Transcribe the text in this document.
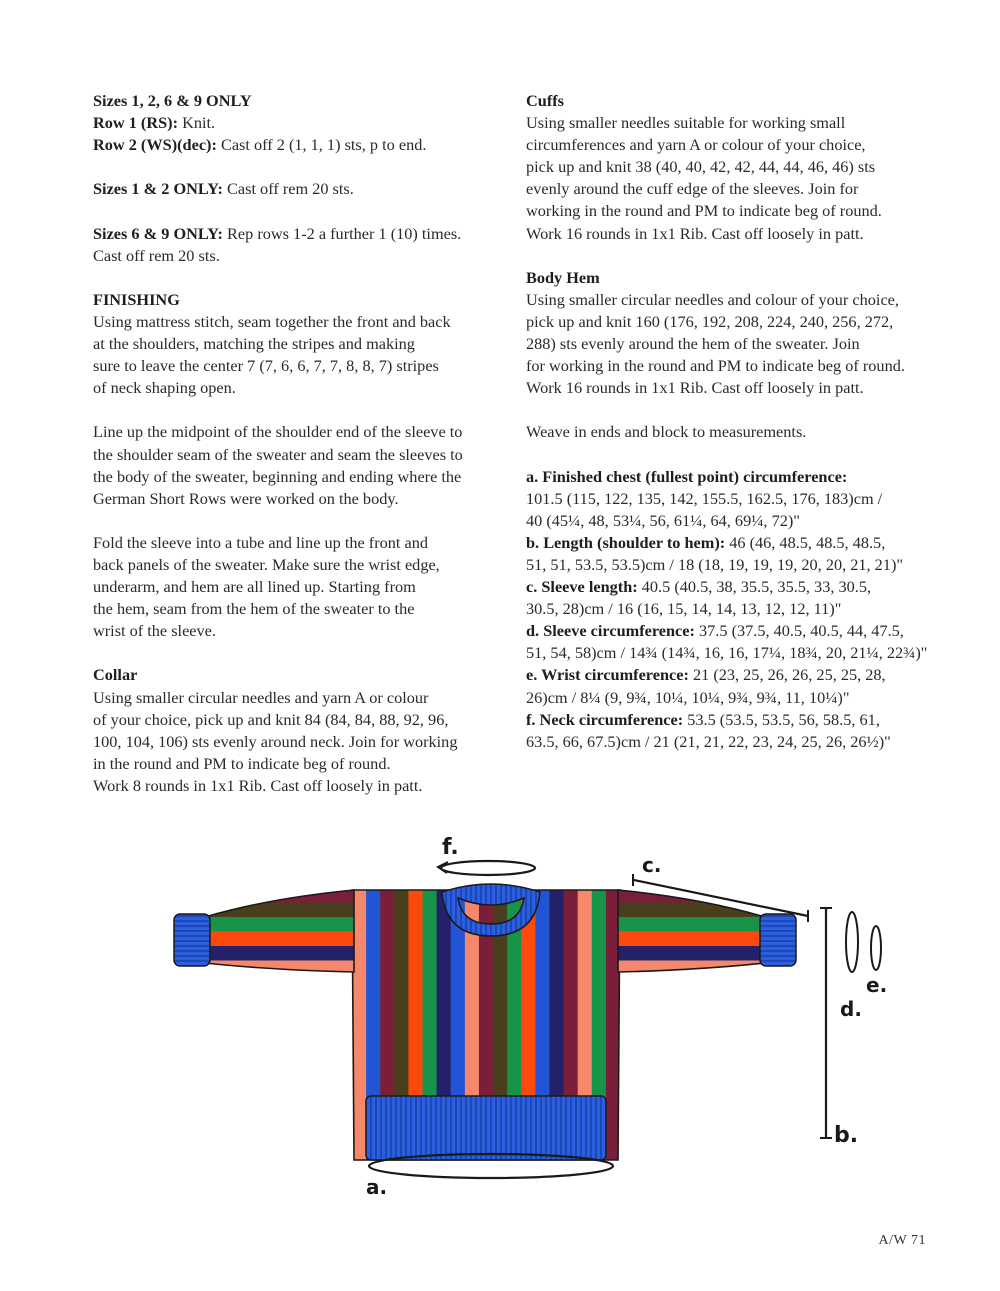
Sizes 1, 2, 6 & 9 ONLY
Row 1 (RS): Knit.
Row 2 (WS)(dec): Cast off 2 (1, 1, 1) sts, p to end.
Sizes 1 & 2 ONLY: Cast off rem 20 sts.
Sizes 6 & 9 ONLY: Rep rows 1-2 a further 1 (10) times.
Cast off rem 20 sts.
FINISHING
Using mattress stitch, seam together the front and back
at the shoulders, matching the stripes and making
sure to leave the center 7 (7, 6, 6, 7, 7, 8, 8, 7) stripes
of neck shaping open.
Line up the midpoint of the shoulder end of the sleeve to
the shoulder seam of the sweater and seam the sleeves to
the body of the sweater, beginning and ending where the
German Short Rows were worked on the body.
Fold the sleeve into a tube and line up the front and
back panels of the sweater. Make sure the wrist edge,
underarm, and hem are all lined up. Starting from
the hem, seam from the hem of the sweater to the
wrist of the sleeve.
Collar
Using smaller circular needles and yarn A or colour
of your choice, pick up and knit 84 (84, 84, 88, 92, 96,
100, 104, 106) sts evenly around neck. Join for working
in the round and PM to indicate beg of round.
Work 8 rounds in 1x1 Rib. Cast off loosely in patt.
Cuffs
Using smaller needles suitable for working small
circumferences and yarn A or colour of your choice,
pick up and knit 38 (40, 40, 42, 42, 44, 44, 46, 46) sts
evenly around the cuff edge of the sleeves. Join for
working in the round and PM to indicate beg of round.
Work 16 rounds in 1x1 Rib. Cast off loosely in patt.
Body Hem
Using smaller circular needles and colour of your choice,
pick up and knit 160 (176, 192, 208, 224, 240, 256, 272,
288) sts evenly around the hem of the sweater. Join
for working in the round and PM to indicate beg of round.
Work 16 rounds in 1x1 Rib. Cast off loosely in patt.
Weave in ends and block to measurements.
a. Finished chest (fullest point) circumference:
101.5 (115, 122, 135, 142, 155.5, 162.5, 176, 183)cm /
40 (45¼, 48, 53¼, 56, 61¼, 64, 69¼, 72)"
b. Length (shoulder to hem): 46 (46, 48.5, 48.5, 48.5,
51, 51, 53.5, 53.5)cm / 18 (18, 19, 19, 19, 20, 20, 21, 21)"
c. Sleeve length: 40.5 (40.5, 38, 35.5, 35.5, 33, 30.5,
30.5, 28)cm / 16 (16, 15, 14, 14, 13, 12, 12, 11)"
d. Sleeve circumference: 37.5 (37.5, 40.5, 40.5, 44, 47.5,
51, 54, 58)cm / 14¾ (14¾, 16, 16, 17¼, 18¾, 20, 21¼, 22¾)"
e. Wrist circumference: 21 (23, 25, 26, 26, 25, 25, 28,
26)cm / 8¼ (9, 9¾, 10¼, 10¼, 9¾, 9¾, 11, 10¼)"
f. Neck circumference: 53.5 (53.5, 53.5, 56, 58.5, 61,
63.5, 66, 67.5)cm / 21 (21, 21, 22, 23, 24, 25, 26, 26½)"
f.
c.
b.
d.
e.
a.
A/W 71
